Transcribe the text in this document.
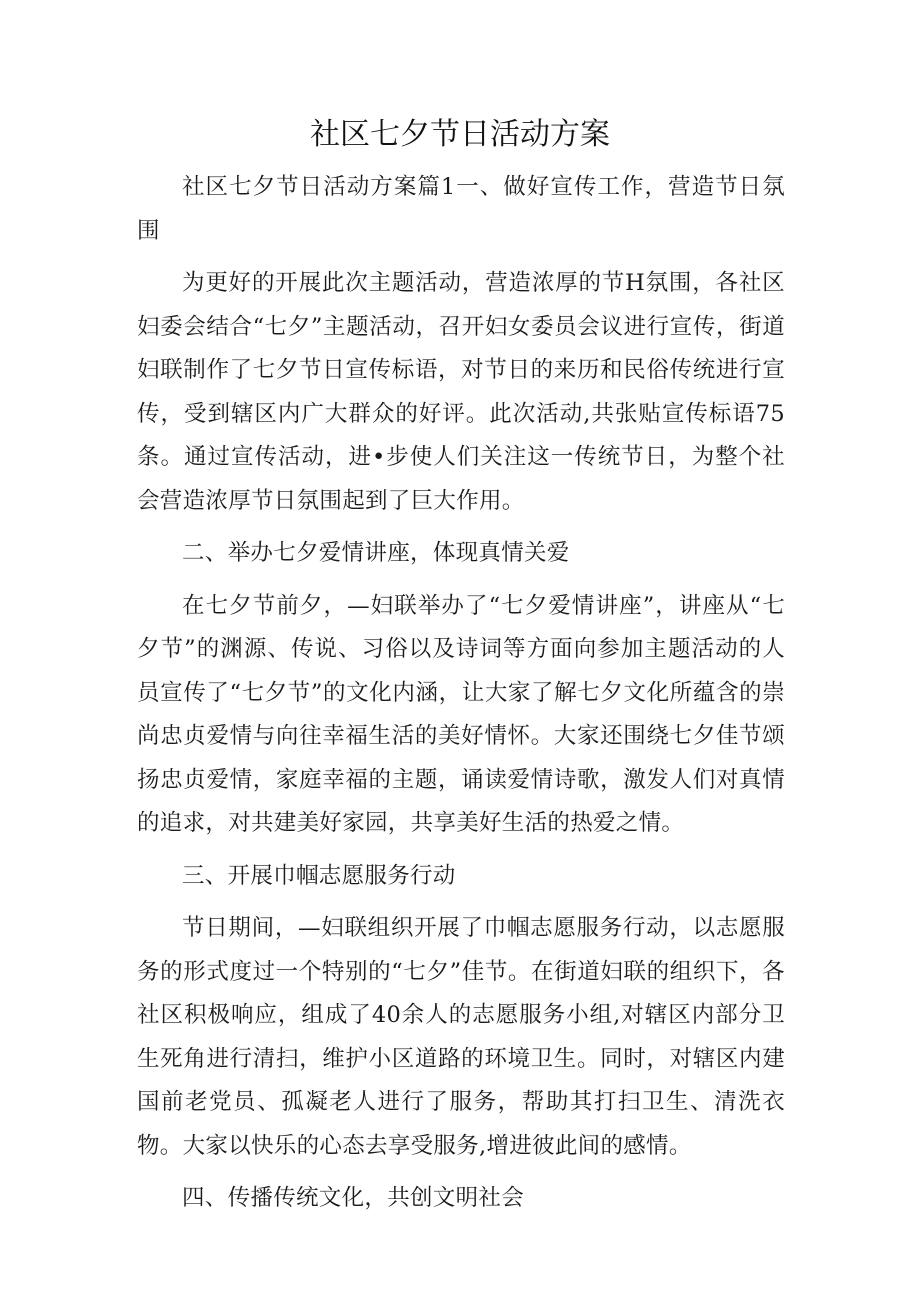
社区七夕节日活动方案

社区七夕节日活动方案篇1一、做好宣传工作，营造节日氛围

为更好的开展此次主题活动，营造浓厚的节H氛围，各社区妇委会结合“七夕”主题活动，召开妇女委员会议进行宣传，街道妇联制作了七夕节日宣传标语，对节日的来历和民俗传统进行宣传，受到辖区内广大群众的好评。此次活动,共张贴宣传标语75条。通过宣传活动，进•步使人们关注这一传统节日，为整个社会营造浓厚节日氛围起到了巨大作用。

二、举办七夕爱情讲座，体现真情关爱

在七夕节前夕，—妇联举办了“七夕爱情讲座”，讲座从“七夕节”的渊源、传说、习俗以及诗词等方面向参加主题活动的人员宣传了“七夕节”的文化内涵，让大家了解七夕文化所蕴含的崇尚忠贞爱情与向往幸福生活的美好情怀。大家还围绕七夕佳节颂扬忠贞爱情，家庭幸福的主题，诵读爱情诗歌，激发人们对真情的追求，对共建美好家园，共享美好生活的热爱之情。

三、开展巾帼志愿服务行动

节日期间，—妇联组织开展了巾帼志愿服务行动，以志愿服务的形式度过一个特别的“七夕”佳节。在街道妇联的组织下，各社区积极响应，组成了40余人的志愿服务小组,对辖区内部分卫生死角进行清扫，维护小区道路的环境卫生。同时，对辖区内建国前老党员、孤凝老人进行了服务，帮助其打扫卫生、清洗衣物。大家以快乐的心态去享受服务,增进彼此间的感情。

四、传播传统文化，共创文明社会
